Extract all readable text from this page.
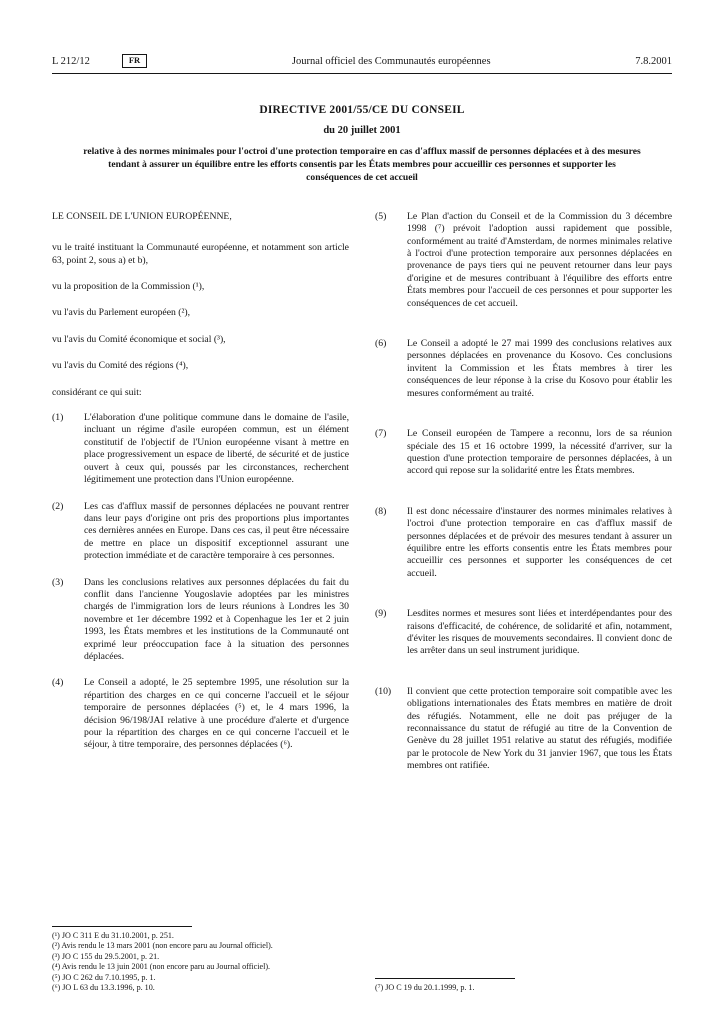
L 212/12	FR	Journal officiel des Communautés européennes	7.8.2001
DIRECTIVE 2001/55/CE DU CONSEIL
du 20 juillet 2001
relative à des normes minimales pour l'octroi d'une protection temporaire en cas d'afflux massif de personnes déplacées et à des mesures tendant à assurer un équilibre entre les efforts consentis par les États membres pour accueillir ces personnes et supporter les conséquences de cet accueil

LE CONSEIL DE L'UNION EUROPÉENNE,

vu le traité instituant la Communauté européenne, et notamment son article 63, point 2, sous a) et b),

vu la proposition de la Commission (¹),

vu l'avis du Parlement européen (²),

vu l'avis du Comité économique et social (³),

vu l'avis du Comité des régions (⁴),

considérant ce qui suit:

(1)	L'élaboration d'une politique commune dans le domaine de l'asile, incluant un régime d'asile européen commun, est un élément constitutif de l'objectif de l'Union européenne visant à mettre en place progressivement un espace de liberté, de sécurité et de justice ouvert à ceux qui, poussés par les circonstances, recherchent légitimement une protection dans l'Union européenne.
(2)	Les cas d'afflux massif de personnes déplacées ne pouvant rentrer dans leur pays d'origine ont pris des proportions plus importantes ces dernières années en Europe. Dans ces cas, il peut être nécessaire de mettre en place un dispositif exceptionnel assurant une protection immédiate et de caractère temporaire à ces personnes.
(3)	Dans les conclusions relatives aux personnes déplacées du fait du conflit dans l'ancienne Yougoslavie adoptées par les ministres chargés de l'immigration lors de leurs réunions à Londres les 30 novembre et 1er décembre 1992 et à Copenhague les 1er et 2 juin 1993, les États membres et les institutions de la Communauté ont exprimé leur préoccupation face à la situation des personnes déplacées.
(4)	Le Conseil a adopté, le 25 septembre 1995, une résolution sur la répartition des charges en ce qui concerne l'accueil et le séjour temporaire de personnes déplacées (⁵) et, le 4 mars 1996, la décision 96/198/JAI relative à une procédure d'alerte et d'urgence pour la répartition des charges en ce qui concerne l'accueil et le séjour, à titre temporaire, des personnes déplacées (⁶).

(¹) JO C 311 E du 31.10.2001, p. 251.

(²) Avis rendu le 13 mars 2001 (non encore paru au Journal officiel).

(³) JO C 155 du 29.5.2001, p. 21.

(⁴) Avis rendu le 13 juin 2001 (non encore paru au Journal officiel).

(⁵) JO C 262 du 7.10.1995, p. 1.

(⁶) JO L 63 du 13.3.1996, p. 10.

(5)	Le Plan d'action du Conseil et de la Commission du 3 décembre 1998 (⁷) prévoit l'adoption aussi rapidement que possible, conformément au traité d'Amsterdam, de normes minimales relative à l'octroi d'une protection temporaire aux personnes déplacées en provenance de pays tiers qui ne peuvent retourner dans leur pays d'origine et de mesures contribuant à l'équilibre des efforts entre États membres pour l'accueil de ces personnes et pour supporter les conséquences de cet accueil.
(6)	Le Conseil a adopté le 27 mai 1999 des conclusions relatives aux personnes déplacées en provenance du Kosovo. Ces conclusions invitent la Commission et les États membres à tirer les conséquences de leur réponse à la crise du Kosovo pour établir les mesures conformément au traité.
(7)	Le Conseil européen de Tampere a reconnu, lors de sa réunion spéciale des 15 et 16 octobre 1999, la nécessité d'arriver, sur la question d'une protection temporaire de personnes déplacées, à un accord qui repose sur la solidarité entre les États membres.
(8)	Il est donc nécessaire d'instaurer des normes minimales relatives à l'octroi d'une protection temporaire en cas d'afflux massif de personnes déplacées et de prévoir des mesures tendant à assurer un équilibre entre les efforts consentis entre les États membres pour accueillir ces personnes et supporter les conséquences de cet accueil.
(9)	Lesdites normes et mesures sont liées et interdépendantes pour des raisons d'efficacité, de cohérence, de solidarité et afin, notamment, d'éviter les risques de mouvements secondaires. Il convient donc de les arrêter dans un seul instrument juridique.
(10)	Il convient que cette protection temporaire soit compatible avec les obligations internationales des États membres en matière de droit des réfugiés. Notamment, elle ne doit pas préjuger de la reconnaissance du statut de réfugié au titre de la Convention de Genève du 28 juillet 1951 relative au statut des réfugiés, modifiée par le protocole de New York du 31 janvier 1967, que tous les États membres ont ratifiée.

(⁷) JO C 19 du 20.1.1999, p. 1.
